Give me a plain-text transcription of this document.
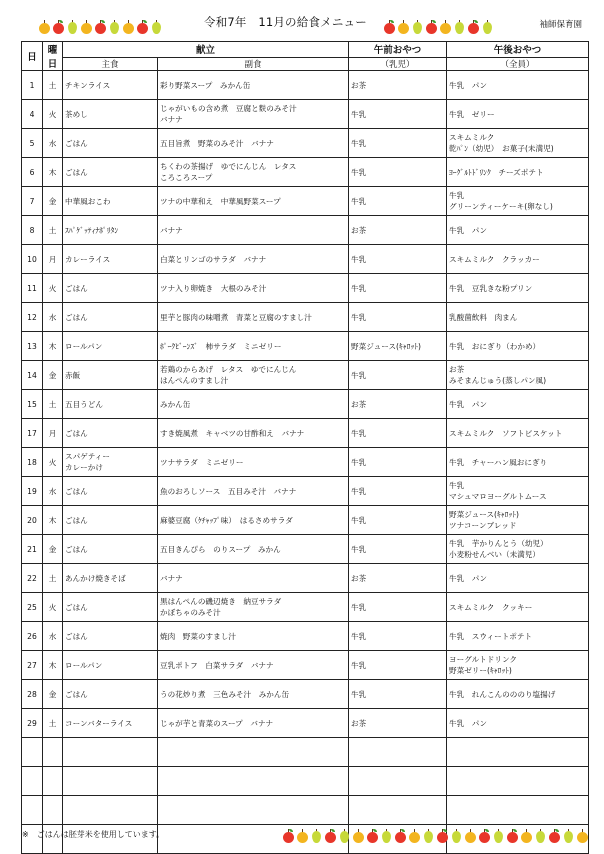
令和7年　11月の給食メニュー	袖師保育園
日	曜日	献立		午前おやつ	午後おやつ
		主食	副食	（乳児）	（全員）

1	土	チキンライス	彩り野菜スープ　みかん缶	お茶	牛乳　パン

4	火	茶めし	じゃがいもの含め煮　豆腐と麩のみそ汁
バナナ	牛乳	牛乳　ゼリー

5	水	ごはん	五目旨煮　野菜のみそ汁　バナナ	牛乳	スキムミルク
乾ﾊﾟﾝ（幼児）　お菓子(未満児)

6	木	ごはん	ちくわの茶揚げ　ゆでにんじん　レタス
ころころスープ	牛乳	ﾖｰｸﾞﾙﾄﾄﾞﾘﾝｸ　チーズポテト

7	金	中華風おこわ	ツナの中華和え　中華風野菜スープ	牛乳	牛乳
グリーンティーケーキ(卵なし)

8	土	ｽﾊﾟｹﾞｯﾃｨﾅﾎﾟﾘﾀﾝ	バナナ	お茶	牛乳　パン

10	月	カレーライス	白菜とリンゴのサラダ　バナナ	牛乳	スキムミルク　クラッカー

11	火	ごはん	ツナ入り卵焼き　大根のみそ汁	牛乳	牛乳　豆乳きな粉プリン

12	水	ごはん	里芋と豚肉の味噌煮　青菜と豆腐のすまし汁	牛乳	乳酸菌飲料　肉まん

13	木	ロールパン	ﾎﾟｰｸﾋﾞｰﾝｽﾞ　柿サラダ　ミニゼリー	野菜ジュース(ｷｬﾛｯﾄ)	牛乳　おにぎり（わかめ）

14	金	赤飯	若鶏のからあげ　レタス　ゆでにんじん
はんぺんのすまし汁	牛乳	お茶
みそまんじゅう(蒸しパン風)

15	土	五目うどん	みかん缶	お茶	牛乳　パン

17	月	ごはん	すき焼風煮　キャベツの甘酢和え　バナナ	牛乳	スキムミルク　ソフトビスケット

18	火	スパゲティー
カレーかけ	ツナサラダ　ミニゼリー	牛乳	牛乳　チャーハン風おにぎり

19	水	ごはん	魚のおろしソース　五目みそ汁　バナナ	牛乳	牛乳
マシュマロヨーグルトムース

20	木	ごはん	麻婆豆腐（ｹﾁｬｯﾌﾟ味）　はるさめサラダ	牛乳	野菜ジュース(ｷｬﾛｯﾄ)
ツナコーンブレッド

21	金	ごはん	五目きんぴら　のりスープ　みかん	牛乳	牛乳　芋かりんとう（幼児）
小麦粉せんべい（未満児）

22	土	あんかけ焼きそば	バナナ	お茶	牛乳　パン

25	火	ごはん	黒はんぺんの磯辺焼き　納豆サラダ
かぼちゃのみそ汁	牛乳	スキムミルク　クッキー

26	水	ごはん	焼肉　野菜のすまし汁	牛乳	牛乳　スウィートポテト

27	木	ロールパン	豆乳ポトフ　白菜サラダ　バナナ	牛乳	ヨーグルトドリンク
野菜ゼリー(ｷｬﾛｯﾄ)

28	金	ごはん	うの花炒り煮　三色みそ汁　みかん缶	牛乳	牛乳　れんこんのののり塩揚げ

29	土	コーンバターライス	じゃが芋と青菜のスープ　バナナ	お茶	牛乳　パン

※　ごはんは胚芽米を使用しています。
